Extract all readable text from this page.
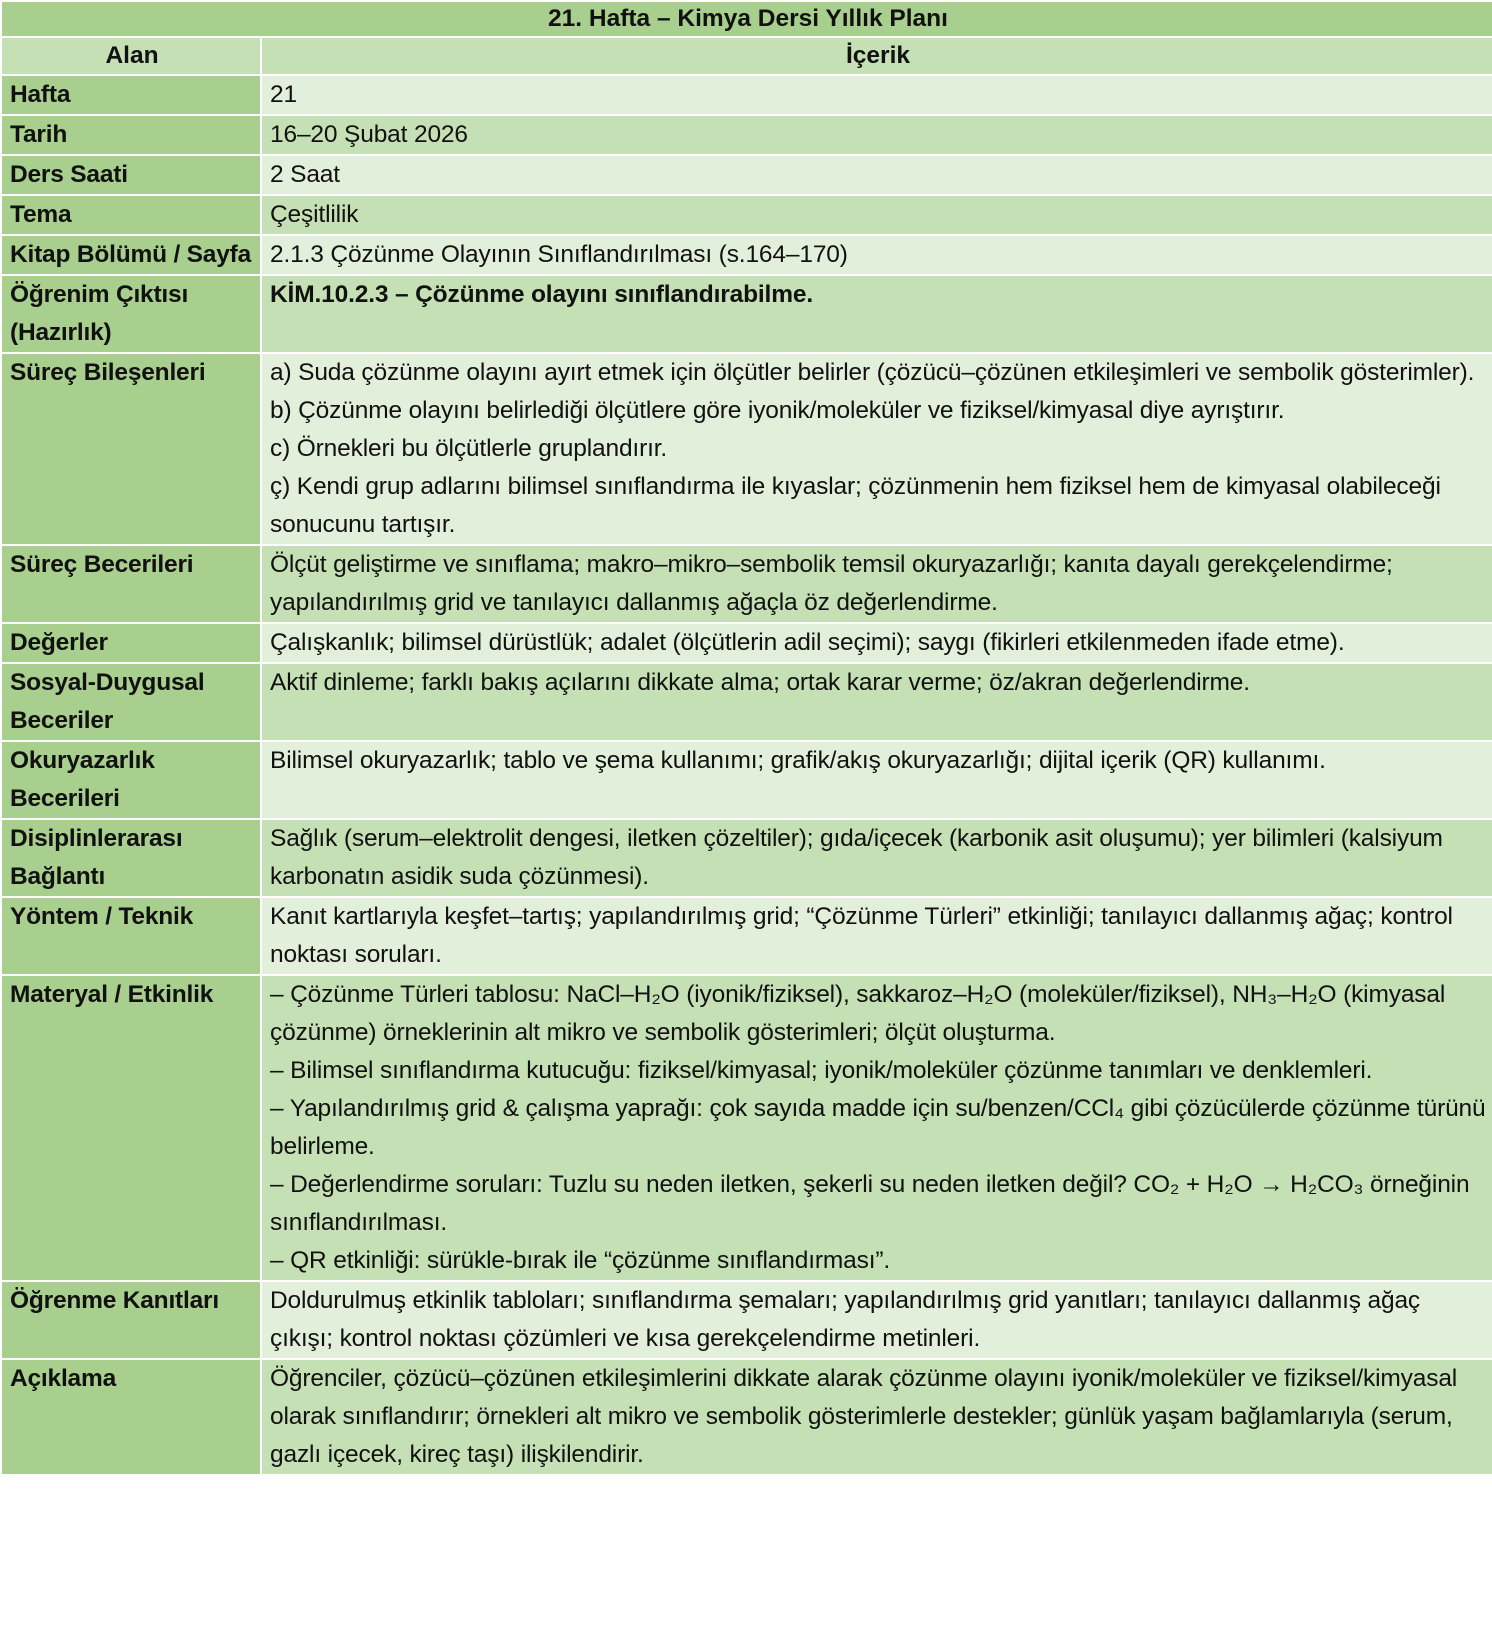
21. Hafta – Kimya Dersi Yıllık Planı	
Alan	İçerik
Hafta	21
Tarih	16–20 Şubat 2026
Ders Saati	2 Saat
Tema	Çeşitlilik
Kitap Bölümü / Sayfa	2.1.3 Çözünme Olayının Sınıflandırılması (s.164–170)
Öğrenim Çıktısı (Hazırlık)	KİM.10.2.3 – Çözünme olayını sınıflandırabilme.
Süreç Bileşenleri	a) Suda çözünme olayını ayırt etmek için ölçütler belirler (çözücü–çözünen etkileşimleri ve sembolik gösterimler).
b) Çözünme olayını belirlediği ölçütlere göre iyonik/moleküler ve fiziksel/kimyasal diye ayrıştırır.
c) Örnekleri bu ölçütlerle gruplandırır.
ç) Kendi grup adlarını bilimsel sınıflandırma ile kıyaslar; çözünmenin hem fiziksel hem de kimyasal olabileceği sonucunu tartışır.

Süreç Becerileri	Ölçüt geliştirme ve sınıflama; makro–mikro–sembolik temsil okuryazarlığı; kanıta dayalı gerekçelendirme; yapılandırılmış grid ve tanılayıcı dallanmış ağaçla öz değerlendirme.
Değerler	Çalışkanlık; bilimsel dürüstlük; adalet (ölçütlerin adil seçimi); saygı (fikirleri etkilenmeden ifade etme).
Sosyal-Duygusal Beceriler	Aktif dinleme; farklı bakış açılarını dikkate alma; ortak karar verme; öz/akran değerlendirme.
Okuryazarlık Becerileri	Bilimsel okuryazarlık; tablo ve şema kullanımı; grafik/akış okuryazarlığı; dijital içerik (QR) kullanımı.
Disiplinlerarası Bağlantı	Sağlık (serum–elektrolit dengesi, iletken çözeltiler); gıda/içecek (karbonik asit oluşumu); yer bilimleri (kalsiyum karbonatın asidik suda çözünmesi).
Yöntem / Teknik	Kanıt kartlarıyla keşfet–tartış; yapılandırılmış grid; “Çözünme Türleri” etkinliği; tanılayıcı dallanmış ağaç; kontrol noktası soruları.
Materyal / Etkinlik	– Çözünme Türleri tablosu: NaCl–H₂O (iyonik/fiziksel), sakkaroz–H₂O (moleküler/fiziksel), NH₃–H₂O (kimyasal çözünme) örneklerinin alt mikro ve sembolik gösterimleri; ölçüt oluşturma.
– Bilimsel sınıflandırma kutucuğu: fiziksel/kimyasal; iyonik/moleküler çözünme tanımları ve denklemleri.
– Yapılandırılmış grid & çalışma yaprağı: çok sayıda madde için su/benzen/CCl₄ gibi çözücülerde çözünme türünü belirleme.
– Değerlendirme soruları: Tuzlu su neden iletken, şekerli su neden iletken değil? CO₂ + H₂O → H₂CO₃ örneğinin sınıflandırılması.
– QR etkinliği: sürükle-bırak ile “çözünme sınıflandırması”.

Öğrenme Kanıtları	Doldurulmuş etkinlik tabloları; sınıflandırma şemaları; yapılandırılmış grid yanıtları; tanılayıcı dallanmış ağaç çıkışı; kontrol noktası çözümleri ve kısa gerekçelendirme metinleri.
Açıklama	Öğrenciler, çözücü–çözünen etkileşimlerini dikkate alarak çözünme olayını iyonik/moleküler ve fiziksel/kimyasal olarak sınıflandırır; örnekleri alt mikro ve sembolik gösterimlerle destekler; günlük yaşam bağlamlarıyla (serum, gazlı içecek, kireç taşı) ilişkilendirir.
